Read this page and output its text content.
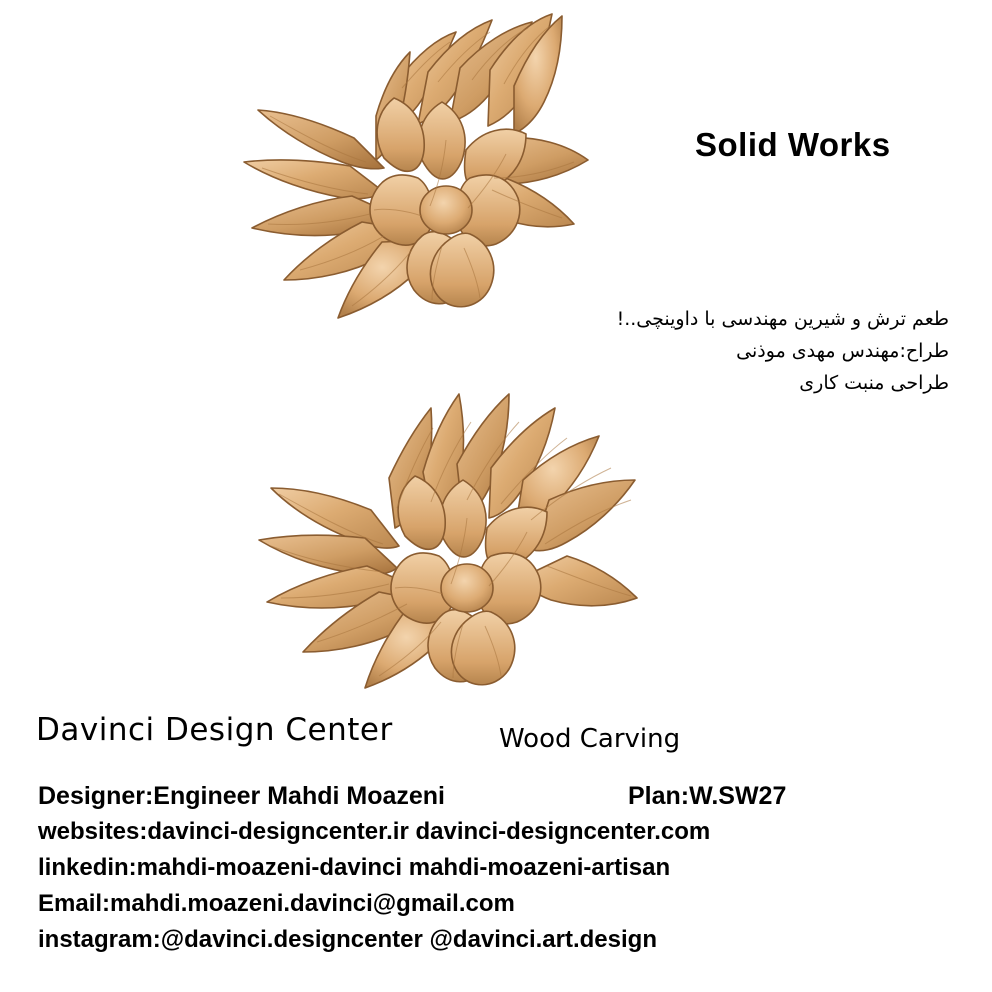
Solid Works
طعم ترش و شیرین مهندسی با داوینچی..!
طراح:مهندس مهدی موذنی
طراحی منبت کاری
Davinci Design Center	Wood Carving
Designer:Engineer Mahdi Moazeni	Plan:W.SW27
websites:davinci-designcenter.ir davinci-designcenter.com
linkedin:mahdi-moazeni-davinci mahdi-moazeni-artisan
Email:mahdi.moazeni.davinci@gmail.com
instagram:@davinci.designcenter @davinci.art.design
